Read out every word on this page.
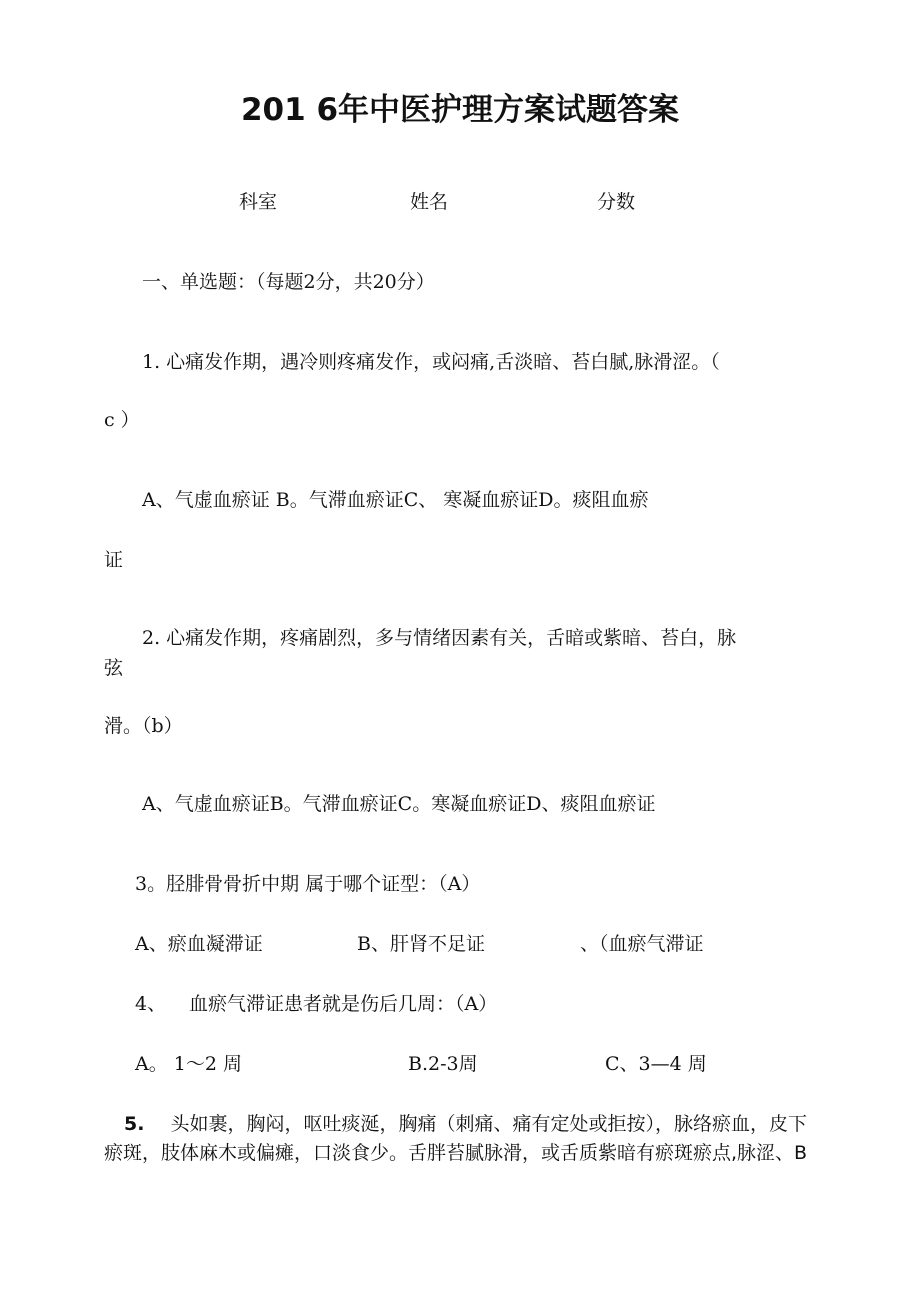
201 6年中医护理方案试题答案
科室	姓名	分数
一、单选题：（每题2分，共20分）
1. 心痛发作期，遇冷则疼痛发作，或闷痛,舌淡暗、苔白腻,脉滑涩。（
c ）
A、气虚血瘀证 B。气滞血瘀证C、 寒凝血瘀证D。痰阻血瘀
证
2. 心痛发作期，疼痛剧烈，多与情绪因素有关，舌暗或紫暗、苔白，脉
弦
滑。（b）
A、气虚血瘀证B。气滞血瘀证C。寒凝血瘀证D、痰阻血瘀证
3。胫腓骨骨折中期 属于哪个证型：（A）
A、瘀血凝滞证	B、肝肾不足证	、（血瘀气滞证
4、 血瘀气滞证患者就是伤后几周：（A）
A。 1〜2 周	B.2-3周	C、3—4 周
5. 头如裹，胸闷，呕吐痰涎，胸痛（刺痛、痛有定处或拒按），脉络瘀血，皮下瘀斑，肢体麻木或偏瘫，口淡食少。舌胖苔腻脉滑，或舌质紫暗有瘀斑瘀点,脉涩、B
